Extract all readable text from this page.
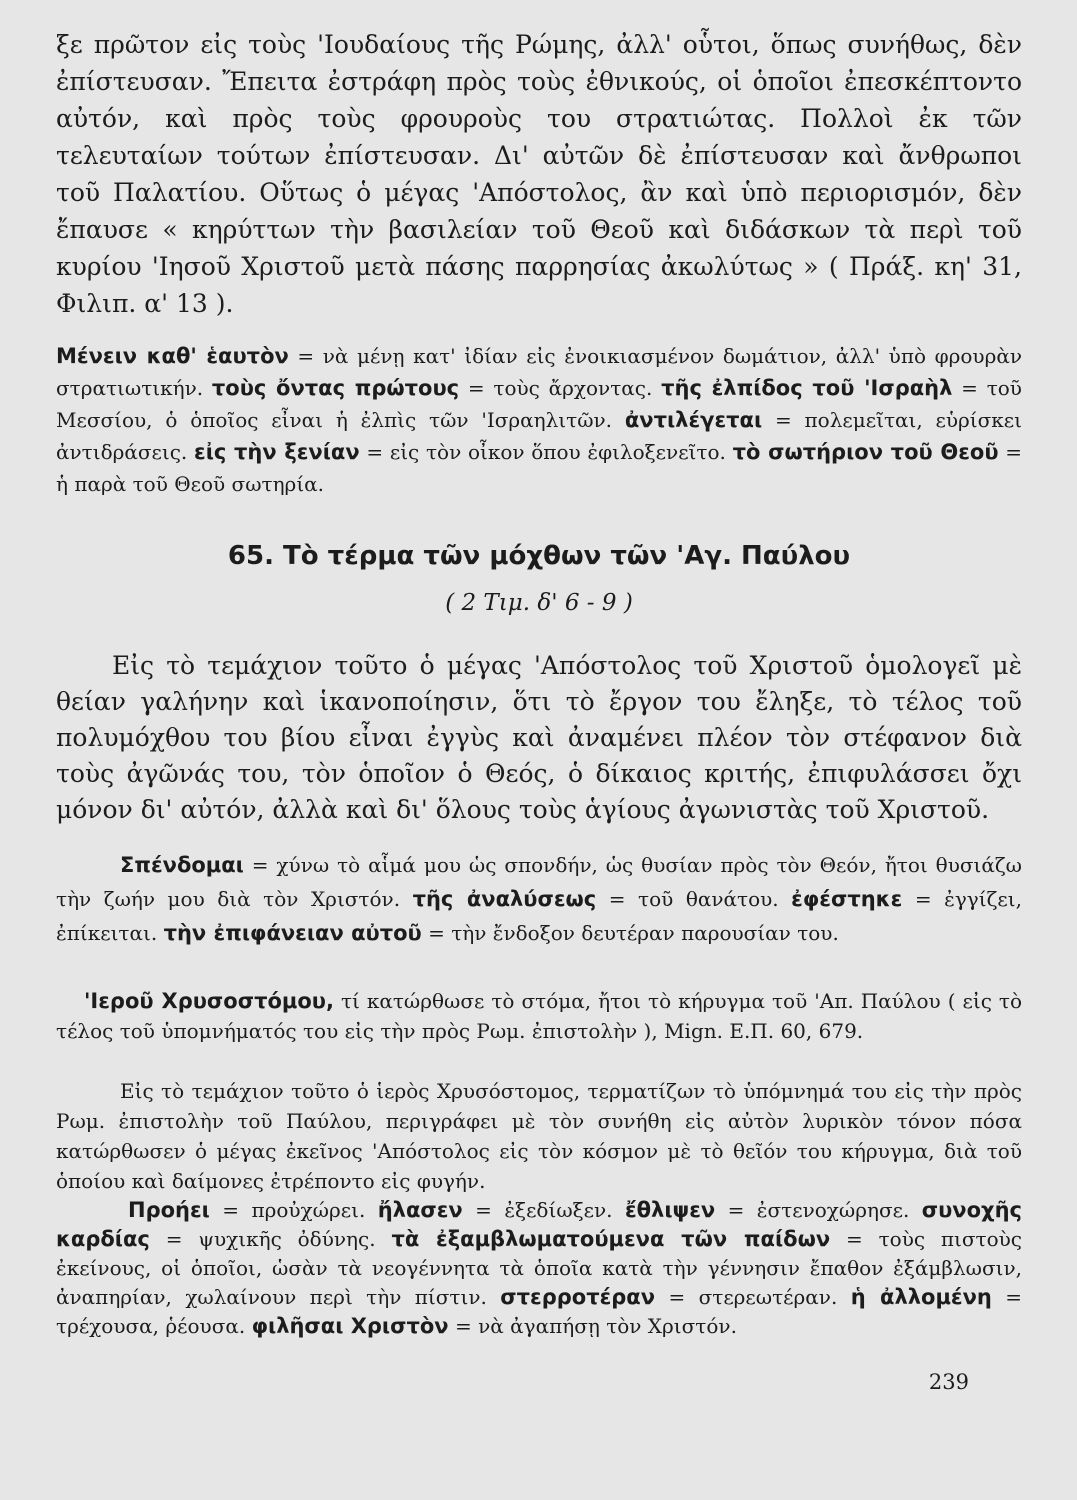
ξε πρῶτον εἰς τοὺς 'Ιουδαίους τῆς Ρώμης, ἀλλ' οὗτοι, ὅπως συνήθως, δὲν ἐπίστευσαν. Ἔπειτα ἐστράφη πρὸς τοὺς ἐθνικούς, οἱ ὁποῖοι ἐπεσκέπτοντο αὐτόν, καὶ πρὸς τοὺς φρουροὺς του στρατιώτας. Πολλοὶ ἐκ τῶν τελευταίων τούτων ἐπίστευσαν. Δι' αὐτῶν δὲ ἐπίστευσαν καὶ ἄνθρωποι τοῦ Παλατίου. Οὕτως ὁ μέγας 'Απόστολος, ἂν καὶ ὑπὸ περιορισμόν, δὲν ἔπαυσε « κηρύττων τὴν βασιλείαν τοῦ Θεοῦ καὶ διδάσκων τὰ περὶ τοῦ κυρίου 'Ιησοῦ Χριστοῦ μετὰ πάσης παρρησίας ἀκωλύτως » ( Πράξ. κη' 31, Φιλιπ. α' 13 ).

Μένειν καθ' ἑαυτὸν = νὰ μένῃ κατ' ἰδίαν εἰς ἐνοικιασμένον δωμάτιον, ἀλλ' ὑπὸ φρουρὰν στρατιωτικήν. τοὺς ὄντας πρώτους = τοὺς ἄρχοντας. τῆς ἐλπίδος τοῦ 'Ισραὴλ = τοῦ Μεσσίου, ὁ ὁποῖος εἶναι ἡ ἐλπὶς τῶν 'Ισραηλιτῶν. ἀντιλέγεται = πολεμεῖται, εὑρίσκει ἀντιδράσεις. εἰς τὴν ξενίαν = εἰς τὸν οἶκον ὅπου ἐφιλοξενεῖτο. τὸ σωτήριον τοῦ Θεοῦ = ἡ παρὰ τοῦ Θεοῦ σωτηρία.

65. Τὸ τέρμα τῶν μόχθων τῶν 'Αγ. Παύλου

( 2 Τιμ. δ' 6 - 9 )

Εἰς τὸ τεμάχιον τοῦτο ὁ μέγας 'Απόστολος τοῦ Χριστοῦ ὁμολογεῖ μὲ θείαν γαλήνην καὶ ἱκανοποίησιν, ὅτι τὸ ἔργον του ἔληξε, τὸ τέλος τοῦ πολυμόχθου του βίου εἶναι ἐγγὺς καὶ ἀναμένει πλέον τὸν στέφανον διὰ τοὺς ἀγῶνάς του, τὸν ὁποῖον ὁ Θεός, ὁ δίκαιος κριτής, ἐπιφυλάσσει ὄχι μόνον δι' αὐτόν, ἀλλὰ καὶ δι' ὅλους τοὺς ἁγίους ἀγωνιστὰς τοῦ Χριστοῦ.

Σπένδομαι = χύνω τὸ αἷμά μου ὡς σπονδήν, ὡς θυσίαν πρὸς τὸν Θεόν, ἤτοι θυσιάζω τὴν ζωήν μου διὰ τὸν Χριστόν. τῆς ἀναλύσεως = τοῦ θανάτου. ἐφέστηκε = ἐγγίζει, ἐπίκειται. τὴν ἐπιφάνειαν αὐτοῦ = τὴν ἔνδοξον δευτέραν παρουσίαν του.

'Ιεροῦ Χρυσοστόμου, τί κατώρθωσε τὸ στόμα, ἤτοι τὸ κήρυγμα τοῦ 'Απ. Παύλου ( εἰς τὸ τέλος τοῦ ὑπομνήματός του εἰς τὴν πρὸς Ρωμ. ἐπιστολὴν ), Mign. Ε.Π. 60, 679.

Εἰς τὸ τεμάχιον τοῦτο ὁ ἱερὸς Χρυσόστομος, τερματίζων τὸ ὑπόμνημά του εἰς τὴν πρὸς Ρωμ. ἐπιστολὴν τοῦ Παύλου, περιγράφει μὲ τὸν συνήθη εἰς αὐτὸν λυρικὸν τόνον πόσα κατώρθωσεν ὁ μέγας ἐκεῖνος 'Απόστολος εἰς τὸν κόσμον μὲ τὸ θεῖόν του κήρυγμα, διὰ τοῦ ὁποίου καὶ δαίμονες ἐτρέποντο εἰς φυγήν.

Προήει = προὐχώρει. ἤλασεν = ἐξεδίωξεν. ἔθλιψεν = ἐστενοχώρησε. συνοχῆς καρδίας = ψυχικῆς ὀδύνης. τὰ ἐξαμβλωματούμενα τῶν παίδων = τοὺς πιστοὺς ἐκείνους, οἱ ὁποῖοι, ὡσὰν τὰ νεογέννητα τὰ ὁποῖα κατὰ τὴν γέννησιν ἔπαθον ἐξάμβλωσιν, ἀναπηρίαν, χωλαίνουν περὶ τὴν πίστιν. στερροτέραν = στερεωτέραν. ἡ ἀλλομένη = τρέχουσα, ῥέουσα. φιλῆσαι Χριστὸν = νὰ ἀγαπήσῃ τὸν Χριστόν.

239
